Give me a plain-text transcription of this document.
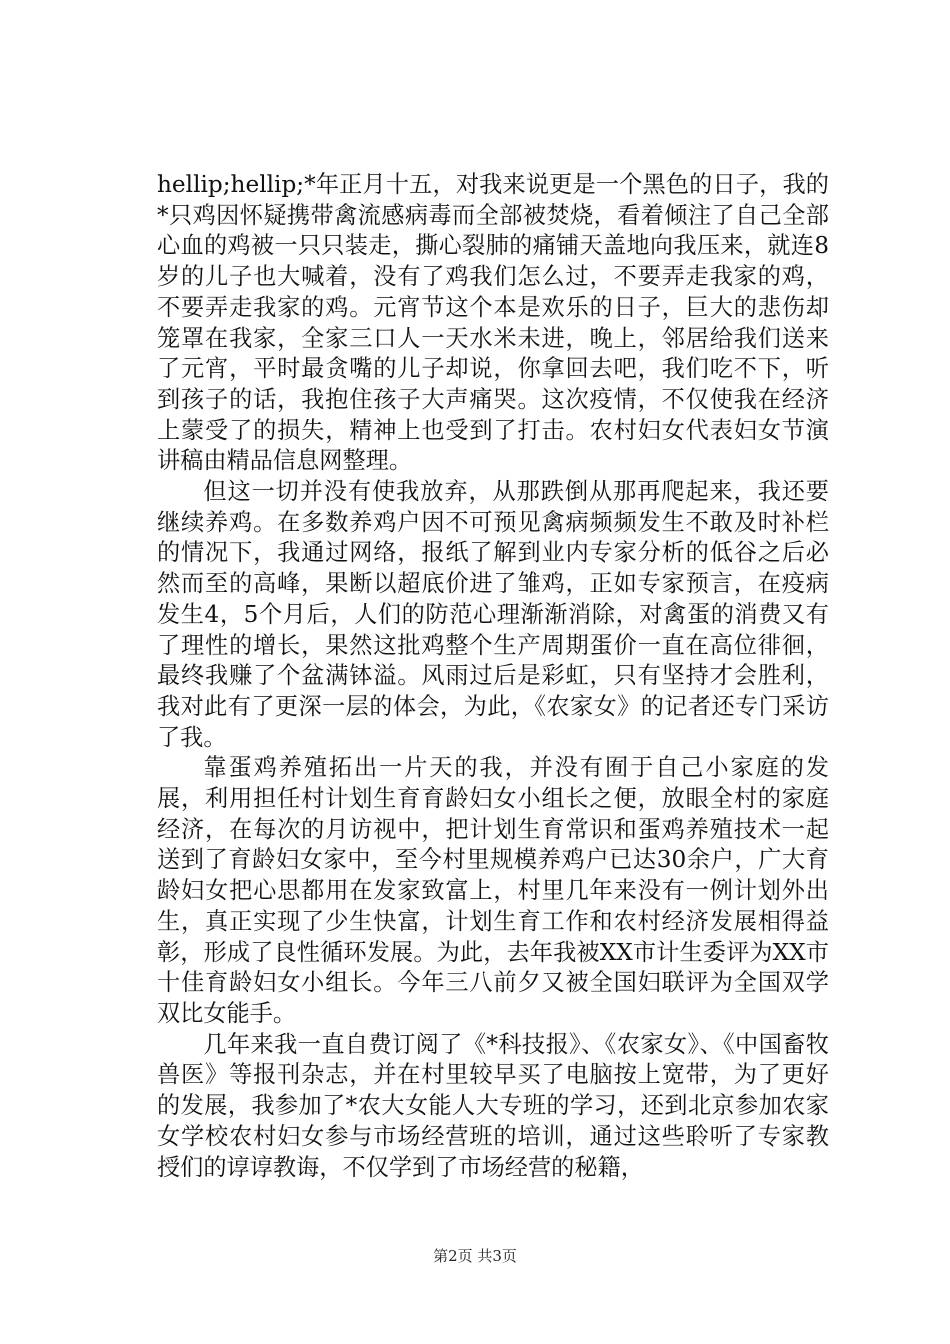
hellip;hellip;*年正月十五，对我来说更是一个黑色的日子，我的*只鸡因怀疑携带禽流感病毒而全部被焚烧，看着倾注了自己全部心血的鸡被一只只装走，撕心裂肺的痛铺天盖地向我压来，就连8岁的儿子也大喊着，没有了鸡我们怎么过，不要弄走我家的鸡，不要弄走我家的鸡。元宵节这个本是欢乐的日子，巨大的悲伤却笼罩在我家，全家三口人一天水米未进，晚上，邻居给我们送来了元宵，平时最贪嘴的儿子却说，你拿回去吧，我们吃不下，听到孩子的话，我抱住孩子大声痛哭。这次疫情，不仅使我在经济上蒙受了的损失，精神上也受到了打击。农村妇女代表妇女节演讲稿由精品信息网整理。

但这一切并没有使我放弃，从那跌倒从那再爬起来，我还要继续养鸡。在多数养鸡户因不可预见禽病频频发生不敢及时补栏的情况下，我通过网络，报纸了解到业内专家分析的低谷之后必然而至的高峰，果断以超底价进了雏鸡，正如专家预言，在疫病发生4，5个月后，人们的防范心理渐渐消除，对禽蛋的消费又有了理性的增长，果然这批鸡整个生产周期蛋价一直在高位徘徊，最终我赚了个盆满钵溢。风雨过后是彩虹，只有坚持才会胜利，我对此有了更深一层的体会，为此，《农家女》的记者还专门采访了我。

靠蛋鸡养殖拓出一片天的我，并没有囿于自己小家庭的发展，利用担任村计划生育育龄妇女小组长之便，放眼全村的家庭经济，在每次的月访视中，把计划生育常识和蛋鸡养殖技术一起送到了育龄妇女家中，至今村里规模养鸡户已达30余户，广大育龄妇女把心思都用在发家致富上，村里几年来没有一例计划外出生，真正实现了少生快富，计划生育工作和农村经济发展相得益彰，形成了良性循环发展。为此，去年我被XX市计生委评为XX市十佳育龄妇女小组长。今年三八前夕又被全国妇联评为全国双学双比女能手。

几年来我一直自费订阅了《*科技报》、《农家女》、《中国畜牧兽医》等报刊杂志，并在村里较早买了电脑按上宽带，为了更好的发展，我参加了*农大女能人大专班的学习，还到北京参加农家女学校农村妇女参与市场经营班的培训，通过这些聆听了专家教授们的谆谆教诲，不仅学到了市场经营的秘籍，

第2页 共3页
